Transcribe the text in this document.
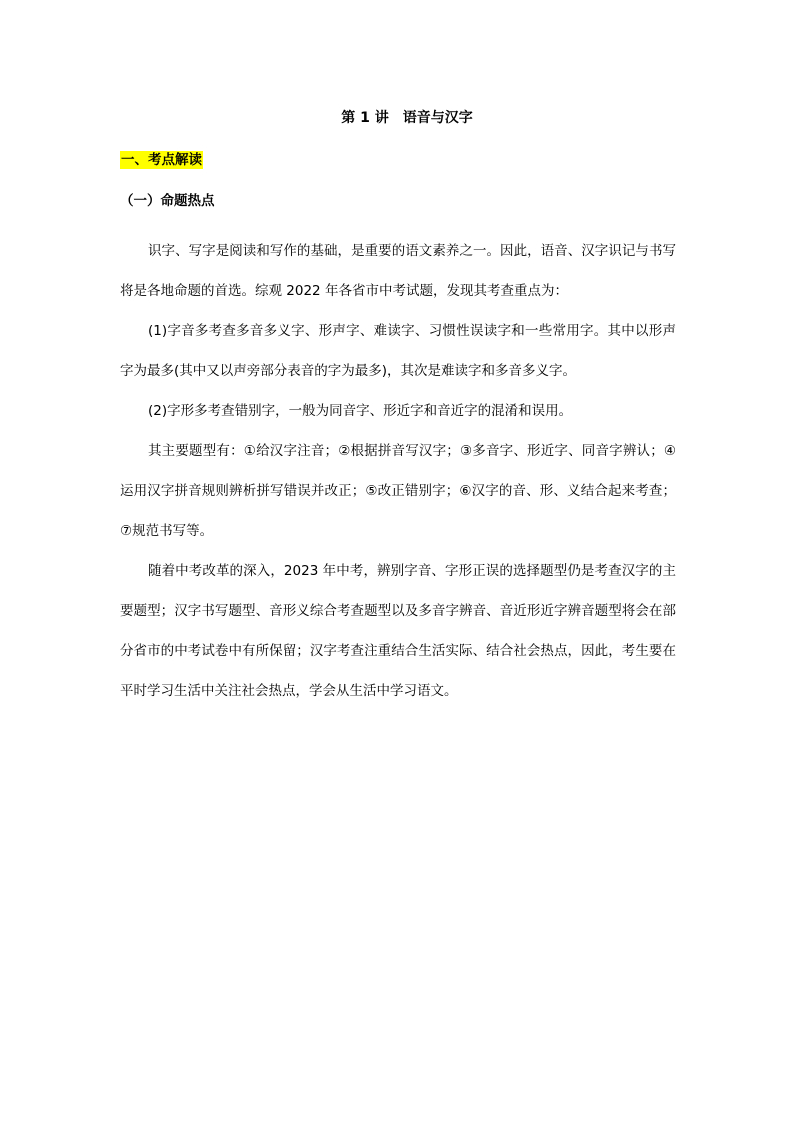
第 1 讲　语音与汉字
一、考点解读
（一）命题热点

识字、写字是阅读和写作的基础，是重要的语文素养之一。因此，语音、汉字识记与书写将是各地命题的首选。综观 2022 年各省市中考试题，发现其考查重点为：

(1)字音多考查多音多义字、形声字、难读字、习惯性误读字和一些常用字。其中以形声字为最多(其中又以声旁部分表音的字为最多)，其次是难读字和多音多义字。

(2)字形多考查错别字，一般为同音字、形近字和音近字的混淆和误用。

其主要题型有：①给汉字注音；②根据拼音写汉字；③多音字、形近字、同音字辨认；④运用汉字拼音规则辨析拼写错误并改正；⑤改正错别字；⑥汉字的音、形、义结合起来考查；⑦规范书写等。

随着中考改革的深入，2023 年中考，辨别字音、字形正误的选择题型仍是考查汉字的主要题型；汉字书写题型、音形义综合考查题型以及多音字辨音、音近形近字辨音题型将会在部分省市的中考试卷中有所保留；汉字考查注重结合生活实际、结合社会热点，因此，考生要在平时学习生活中关注社会热点，学会从生活中学习语文。
